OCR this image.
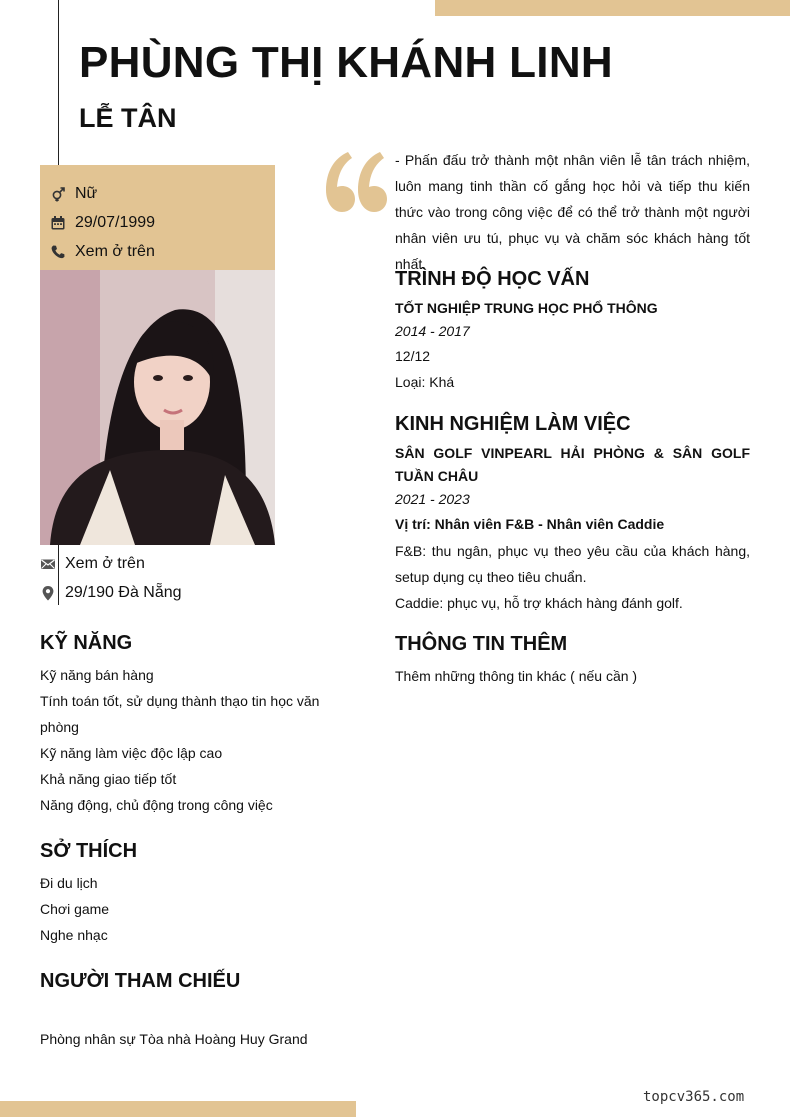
PHÙNG THỊ KHÁNH LINH
LỄ TÂN
Nữ
29/07/1999
Xem ở trên
Xem ở trên
29/190 Đà Nẵng
KỸ NĂNG
Kỹ năng bán hàng
Tính toán tốt, sử dụng thành thạo tin học văn phòng
Kỹ năng làm việc độc lập cao
Khả năng giao tiếp tốt
Năng động, chủ động trong công việc
SỞ THÍCH
Đi du lịch
Chơi game
Nghe nhạc
NGƯỜI THAM CHIẾU
Phòng nhân sự Tòa nhà Hoàng Huy Grand

- Phấn đấu trở thành một nhân viên lễ tân trách nhiệm, luôn mang tinh thần cố gắng học hỏi và tiếp thu kiến thức vào trong công việc để có thể trở thành một người nhân viên ưu tú, phục vụ và chăm sóc khách hàng tốt nhất.

TRÌNH ĐỘ HỌC VẤN
TỐT NGHIỆP TRUNG HỌC PHỔ THÔNG
2014 - 2017
12/12
Loại: Khá
KINH NGHIỆM LÀM VIỆC
SÂN GOLF VINPEARL HẢI PHÒNG & SÂN GOLF TUẦN CHÂU
2021 - 2023
Vị trí: Nhân viên F&B - Nhân viên Caddie
F&B: thu ngân, phục vụ theo yêu cầu của khách hàng, setup dụng cụ theo tiêu chuẩn.
Caddie: phục vụ, hỗ trợ khách hàng đánh golf.
THÔNG TIN THÊM
Thêm những thông tin khác ( nếu cần )
topcv365.com
